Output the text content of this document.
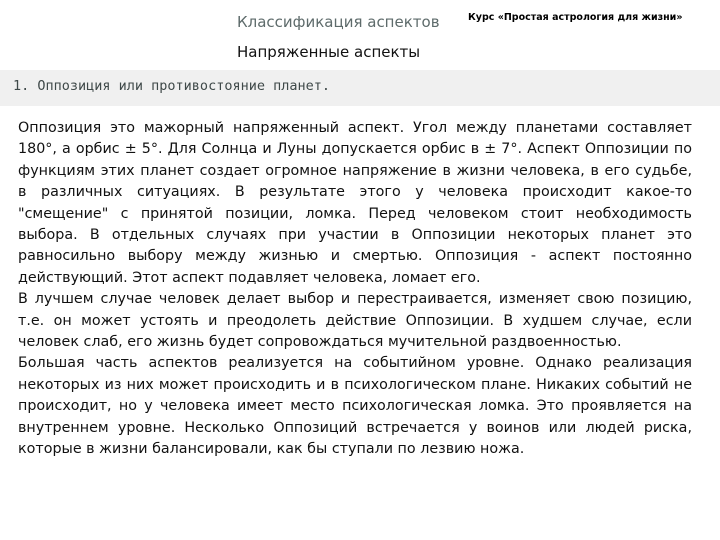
Классификация аспектов	Курс «Простая астрология для жизни»
Напряженные аспекты
1. Оппозиция или противостояние планет.

Оппозиция это мажорный напряженный аспект. Угол между планетами составляет 180°, а орбис ± 5°. Для Солнца и Луны допускается орбис в ± 7°. Аспект Оппозиции по функциям этих планет создает огромное напряжение в жизни человека, в его судьбе, в различных ситуациях. В результате этого у человека происходит какое-то "смещение" с принятой позиции, ломка. Перед человеком стоит необходимость выбора. В отдельных случаях при участии в Оппозиции некоторых планет это равносильно выбору между жизнью и смертью. Оппозиция - аспект постоянно действующий. Этот аспект подавляет человека, ломает его.

В лучшем случае человек делает выбор и перестраивается, изменяет свою позицию, т.е. он может устоять и преодолеть действие Оппозиции. В худшем случае, если человек слаб, его жизнь будет сопровождаться мучительной раздвоенностью.

Большая часть аспектов реализуется на событийном уровне. Однако реализация некоторых из них может происходить и в психологическом плане. Никаких событий не происходит, но у человека имеет место психологическая ломка. Это проявляется на внутреннем уровне. Несколько Оппозиций встречается у воинов или людей риска, которые в жизни балансировали, как бы ступали по лезвию ножа.
